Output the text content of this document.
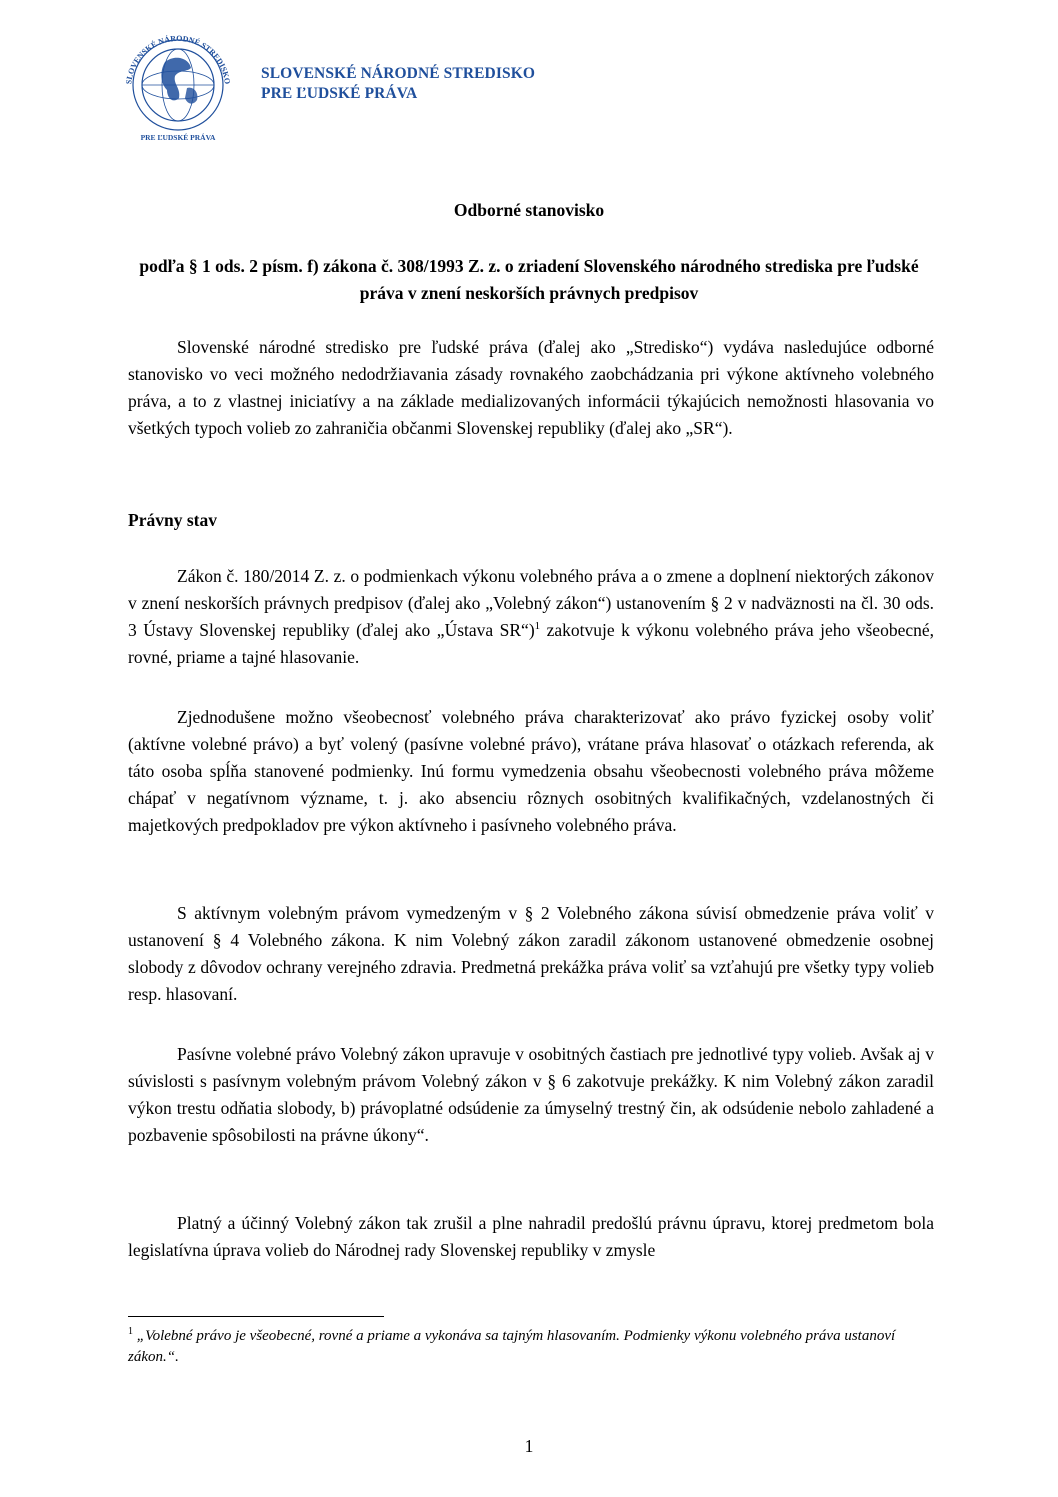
SLOVENSKÉ NÁRODNÉ STREDISKO
PRE ĽUDSKÉ PRÁVA
SLOVENSKÉ NÁRODNÉ STREDISKO
PRE ĽUDSKÉ PRÁVA
Odborné stanovisko
podľa § 1 ods. 2 písm. f) zákona č. 308/1993 Z. z. o zriadení Slovenského národného strediska pre ľudské práva v znení neskorších právnych predpisov
Slovenské národné stredisko pre ľudské práva (ďalej ako „Stredisko“) vydáva nasledujúce odborné stanovisko vo veci možného nedodržiavania zásady rovnakého zaobchádzania pri výkone aktívneho volebného práva, a to z vlastnej iniciatívy a na základe medializovaných informácii týkajúcich nemožnosti hlasovania vo všetkých typoch volieb zo zahraničia občanmi Slovenskej republiky (ďalej ako „SR“).
Právny stav
Zákon č. 180/2014 Z. z. o podmienkach výkonu volebného práva a o zmene a doplnení niektorých zákonov v znení neskorších právnych predpisov (ďalej ako „Volebný zákon“) ustanovením § 2 v nadväznosti na čl. 30 ods. 3 Ústavy Slovenskej republiky (ďalej ako „Ústava SR“)$^1$ zakotvuje k výkonu volebného práva jeho všeobecné, rovné, priame a tajné hlasovanie.
Zjednodušene možno všeobecnosť volebného práva charakterizovať ako právo fyzickej osoby voliť (aktívne volebné právo) a byť volený (pasívne volebné právo), vrátane práva hlasovať o otázkach referenda, ak táto osoba spĺňa stanovené podmienky. Inú formu vymedzenia obsahu všeobecnosti volebného práva môžeme chápať v negatívnom význame, t. j. ako absenciu rôznych osobitných kvalifikačných, vzdelanostných či majetkových predpokladov pre výkon aktívneho i pasívneho volebného práva.
S aktívnym volebným právom vymedzeným v § 2 Volebného zákona súvisí obmedzenie práva voliť v ustanovení § 4 Volebného zákona. K nim Volebný zákon zaradil zákonom ustanovené obmedzenie osobnej slobody z dôvodov ochrany verejného zdravia. Predmetná prekážka práva voliť sa vzťahujú pre všetky typy volieb resp. hlasovaní.
Pasívne volebné právo Volebný zákon upravuje v osobitných častiach pre jednotlivé typy volieb. Avšak aj v súvislosti s pasívnym volebným právom Volebný zákon v § 6 zakotvuje prekážky. K nim Volebný zákon zaradil výkon trestu odňatia slobody, b) právoplatné odsúdenie za úmyselný trestný čin, ak odsúdenie nebolo zahladené a pozbavenie spôsobilosti na právne úkony“.
Platný a účinný Volebný zákon tak zrušil a plne nahradil predošlú právnu úpravu, ktorej predmetom bola legislatívna úprava volieb do Národnej rady Slovenskej republiky v zmysle
$^1$ „Volebné právo je všeobecné, rovné a priame a vykonáva sa tajným hlasovaním. Podmienky výkonu volebného práva ustanoví zákon.“.
1
